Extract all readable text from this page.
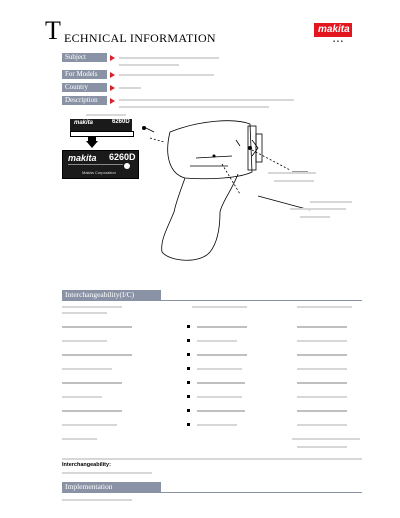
T ECHNICAL INFORMATION
makita
▪ ▪ ▪
Subject
For Models
Country
Description
makita	6260D
makita 6260D
Makita Corporation
Interchangeability(I/C)
Interchangeability:
Implementation
